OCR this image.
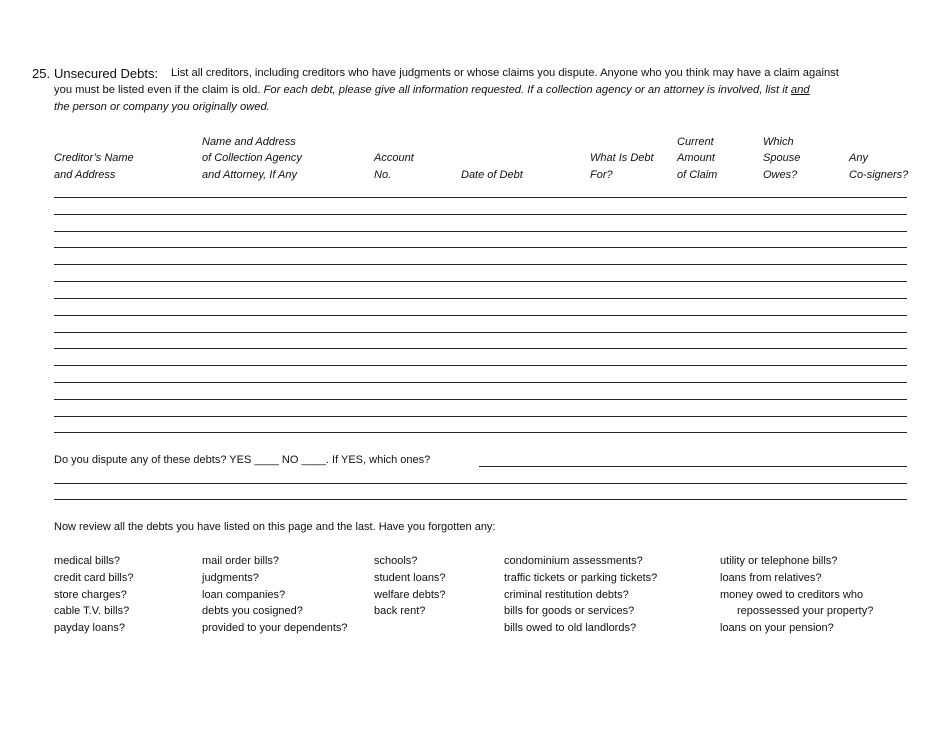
25. Unsecured Debts: List all creditors, including creditors who have judgments or whose claims you dispute. Anyone who you think may have a claim against
you must be listed even if the claim is old. For each debt, please give all information requested. If a collection agency or an attorney is involved, list it and
the person or company you originally owed.
Creditor’s Name
and Address
Name and Address
of Collection Agency
and Attorney, If Any
Account
No.	Date of Debt
What Is Debt
For?
Current
Amount
of Claim
Which
Spouse
Owes?
Any
Co-signers?
Do you dispute any of these debts? YES ____ NO ____. If YES, which ones?
Now review all the debts you have listed on this page and the last. Have you forgotten any:
medical bills?
credit card bills?
store charges?
cable T.V. bills?
payday loans?
mail order bills?
judgments?
loan companies?
debts you cosigned?
provided to your dependents?
schools?
student loans?
welfare debts?
back rent?
condominium assessments?
traffic tickets or parking tickets?
criminal restitution debts?
bills for goods or services?
bills owed to old landlords?
utility or telephone bills?
loans from relatives?
money owed to creditors who
repossessed your property?
loans on your pension?
